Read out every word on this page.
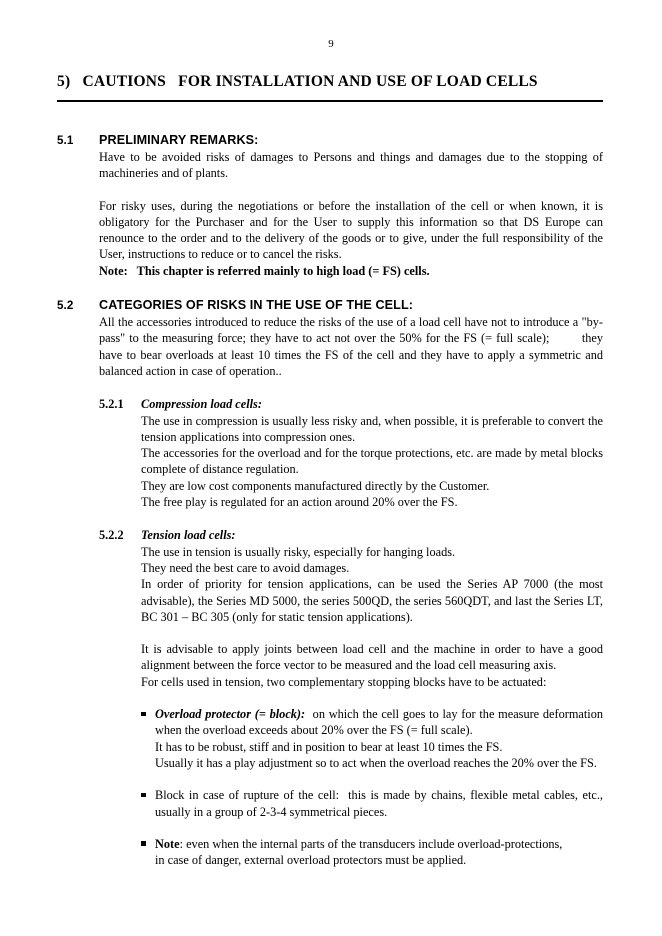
9
5)   CAUTIONS   FOR INSTALLATION AND USE OF LOAD CELLS
5.1	PRELIMINARY REMARKS:

Have to be avoided risks of damages to Persons and things and damages due to the stopping of machineries and of plants.

For risky uses, during the negotiations or before the installation of the cell or when known, it is obligatory for the Purchaser and for the User to supply this information so that DS Europe can renounce to the order and to the delivery of the goods or to give, under the full responsibility of the User, instructions to reduce or to cancel the risks.

Note:   This chapter is referred mainly to high load (= FS) cells.

5.2	CATEGORIES OF RISKS IN THE USE OF THE CELL:

All the accessories introduced to reduce the risks of the use of a load cell have not to introduce a "by-pass" to the measuring force; they have to act not over the 50% for the FS (= full scale);        they have to bear overloads at least 10 times the FS of the cell and they have to apply a symmetric and balanced action in case of operation..

5.2.1	Compression load cells:

The use in compression is usually less risky and, when possible, it is preferable to convert the tension applications into compression ones.

The accessories for the overload and for the torque protections, etc. are made by metal blocks complete of distance regulation.

They are low cost components manufactured directly by the Customer.

The free play is regulated for an action around 20% over the FS.

5.2.2	Tension load cells:

The use in tension is usually risky, especially for hanging loads.

They need the best care to avoid damages.

In order of priority for tension applications, can be used the Series AP 7000 (the most advisable), the Series MD 5000, the series 500QD, the series 560QDT, and last the Series LT, BC 301 – BC 305 (only for static tension applications).

It is advisable to apply joints between load cell and the machine in order to have a good alignment between the force vector to be measured and the load cell measuring axis.

For cells used in tension, two complementary stopping blocks have to be actuated:

Overload protector (= block): on which the cell goes to lay for the measure deformation when the overload exceeds about 20% over the FS (= full scale).

It has to be robust, stiff and in position to bear at least 10 times the FS.

Usually it has a play adjustment so to act when the overload reaches the 20% over the FS.

Block in case of rupture of the cell:  this is made by chains, flexible metal cables, etc., usually in a group of 2-3-4 symmetrical pieces.

Note: even when the internal parts of the transducers include overload-protections,

in case of danger, external overload protectors must be applied.
